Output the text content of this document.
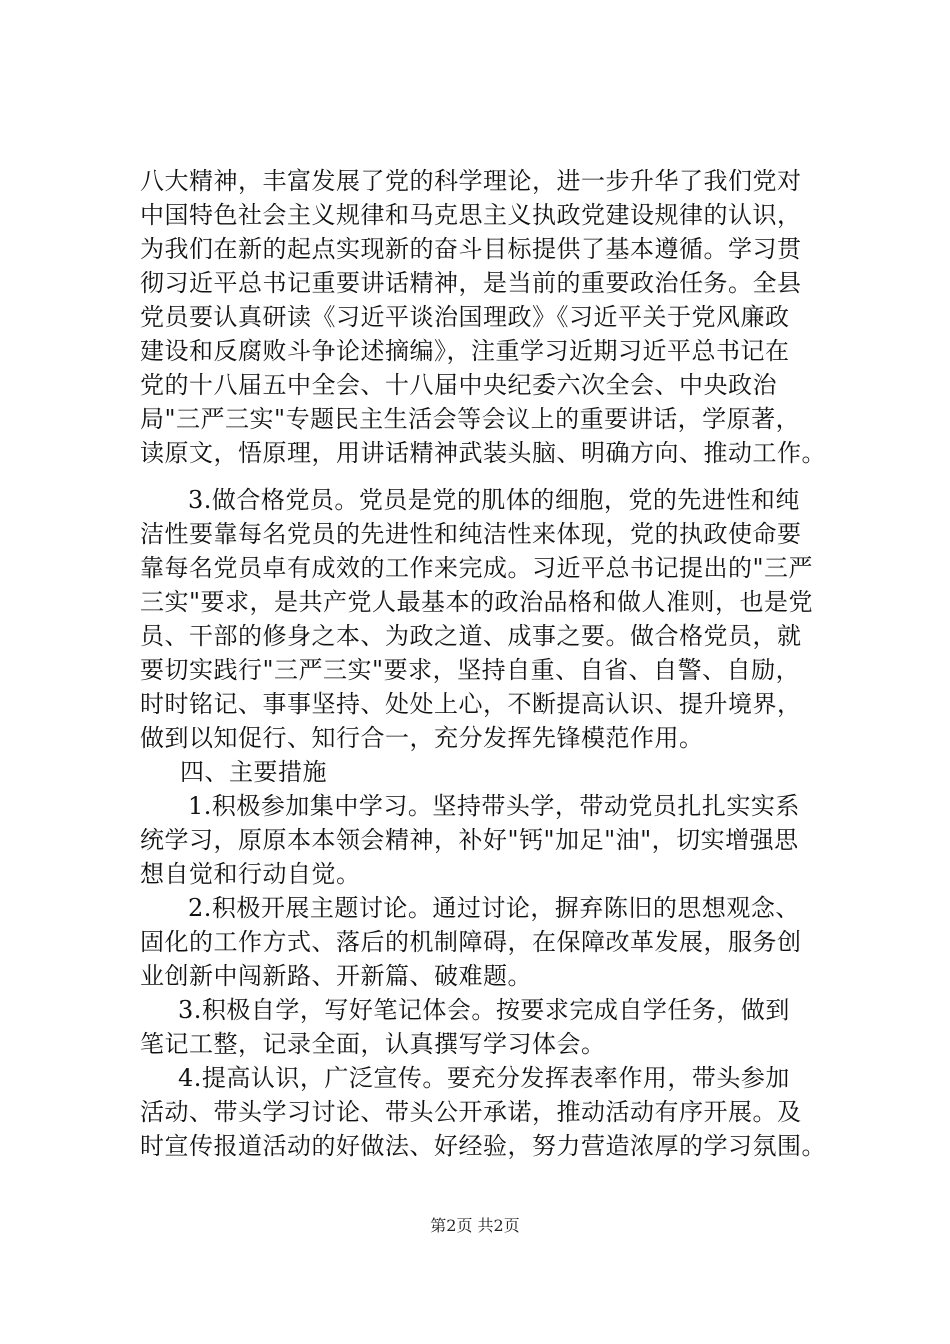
八大精神，丰富发展了党的科学理论，进一步升华了我们党对
中国特色社会主义规律和马克思主义执政党建设规律的认识，
为我们在新的起点实现新的奋斗目标提供了基本遵循。学习贯
彻习近平总书记重要讲话精神，是当前的重要政治任务。全县
党员要认真研读《习近平谈治国理政》《习近平关于党风廉政
建设和反腐败斗争论述摘编》，注重学习近期习近平总书记在
党的十八届五中全会、十八届中央纪委六次全会、中央政治
局"三严三实"专题民主生活会等会议上的重要讲话，学原著，
读原文，悟原理，用讲话精神武装头脑、明确方向、推动工作。
3.做合格党员。党员是党的肌体的细胞，党的先进性和纯
洁性要靠每名党员的先进性和纯洁性来体现，党的执政使命要
靠每名党员卓有成效的工作来完成。习近平总书记提出的"三严
三实"要求，是共产党人最基本的政治品格和做人准则，也是党
员、干部的修身之本、为政之道、成事之要。做合格党员，就
要切实践行"三严三实"要求，坚持自重、自省、自警、自励，
时时铭记、事事坚持、处处上心，不断提高认识、提升境界，
做到以知促行、知行合一，充分发挥先锋模范作用。
四、主要措施
1.积极参加集中学习。坚持带头学，带动党员扎扎实实系
统学习，原原本本领会精神，补好"钙"加足"油"，切实增强思
想自觉和行动自觉。
2.积极开展主题讨论。通过讨论，摒弃陈旧的思想观念、
固化的工作方式、落后的机制障碍，在保障改革发展，服务创
业创新中闯新路、开新篇、破难题。
3.积极自学，写好笔记体会。按要求完成自学任务，做到
笔记工整，记录全面，认真撰写学习体会。
4.提高认识，广泛宣传。要充分发挥表率作用，带头参加
活动、带头学习讨论、带头公开承诺，推动活动有序开展。及
时宣传报道活动的好做法、好经验，努力营造浓厚的学习氛围。
第2页 共2页
